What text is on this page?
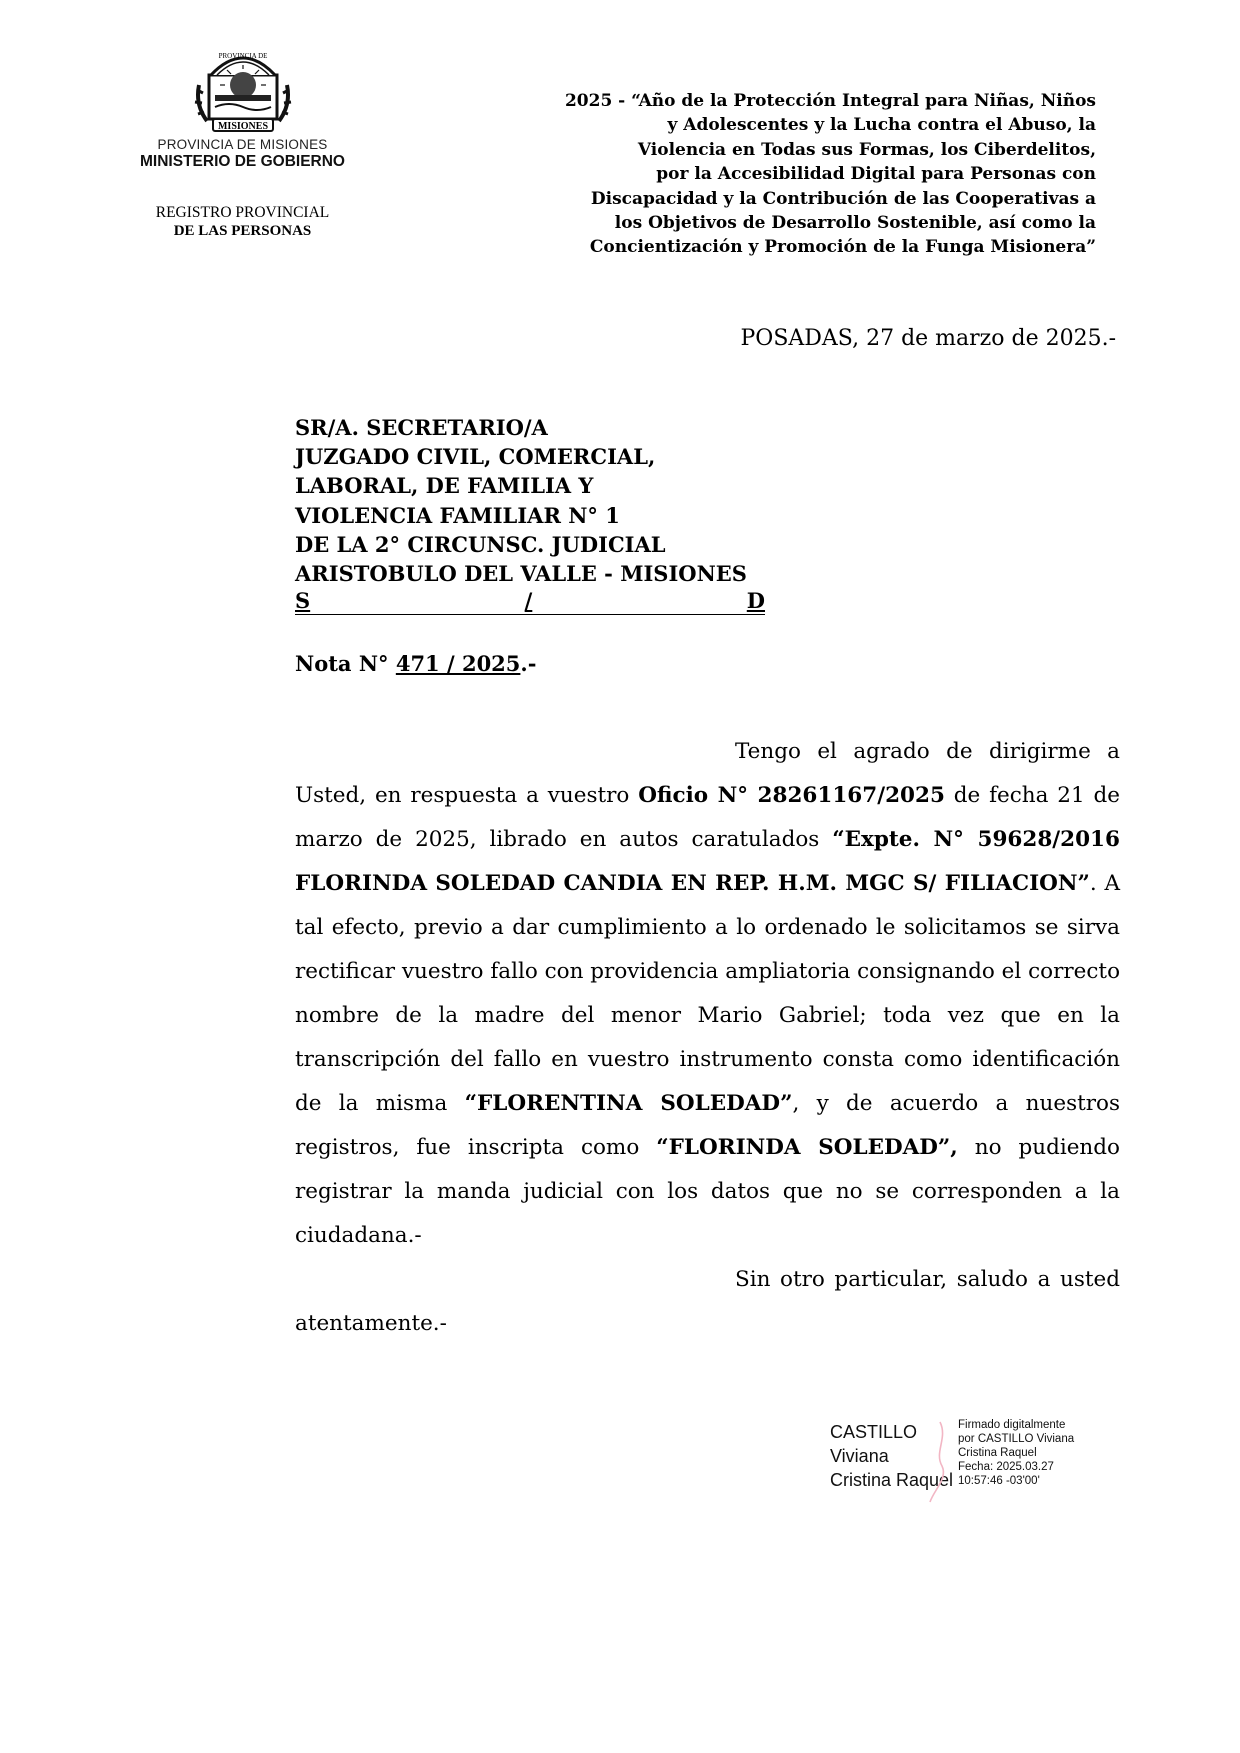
MISIONES
PROVINCIA DE
PROVINCIA DE MISIONES
MINISTERIO DE GOBIERNO
REGISTRO PROVINCIAL
DE LAS PERSONAS
2025 - “Año de la Protección Integral para Niñas, Niños
y Adolescentes y la Lucha contra el Abuso, la
Violencia en Todas sus Formas, los Ciberdelitos,
por la Accesibilidad Digital para Personas con
Discapacidad y la Contribución de las Cooperativas a
los Objetivos de Desarrollo Sostenible, así como la
Concientización y Promoción de la Funga Misionera”
POSADAS, 27 de marzo de 2025.-
SR/A. SECRETARIO/A
JUZGADO CIVIL, COMERCIAL,
LABORAL, DE FAMILIA Y
VIOLENCIA FAMILIAR N° 1
DE LA 2° CIRCUNSC. JUDICIAL
ARISTOBULO DEL VALLE - MISIONES
S	/	D
Nota N° 471 / 2025.-

Tengo el agrado de dirigirme a Usted, en respuesta a vuestro Oficio N° 28261167/2025 de fecha 21 de marzo de 2025, librado en autos caratulados “Expte. N° 59628/2016 FLORINDA SOLEDAD CANDIA EN REP. H.M. MGC S/ FILIACION”. A tal efecto, previo a dar cumplimiento a lo ordenado le solicitamos se sirva rectificar vuestro fallo con providencia ampliatoria consignando el correcto nombre de la madre del menor Mario Gabriel; toda vez que en la transcripción del fallo en vuestro instrumento consta como identificación de la misma “FLORENTINA SOLEDAD”, y de acuerdo a nuestros registros, fue inscripta como “FLORINDA SOLEDAD”, no pudiendo registrar la manda judicial con los datos que no se corresponden a la ciudadana.-

Sin otro particular, saludo a usted atentamente.-

CASTILLO
Viviana
Cristina Raquel
Firmado digitalmente
por CASTILLO Viviana
Cristina Raquel
Fecha: 2025.03.27
10:57:46 -03'00'
